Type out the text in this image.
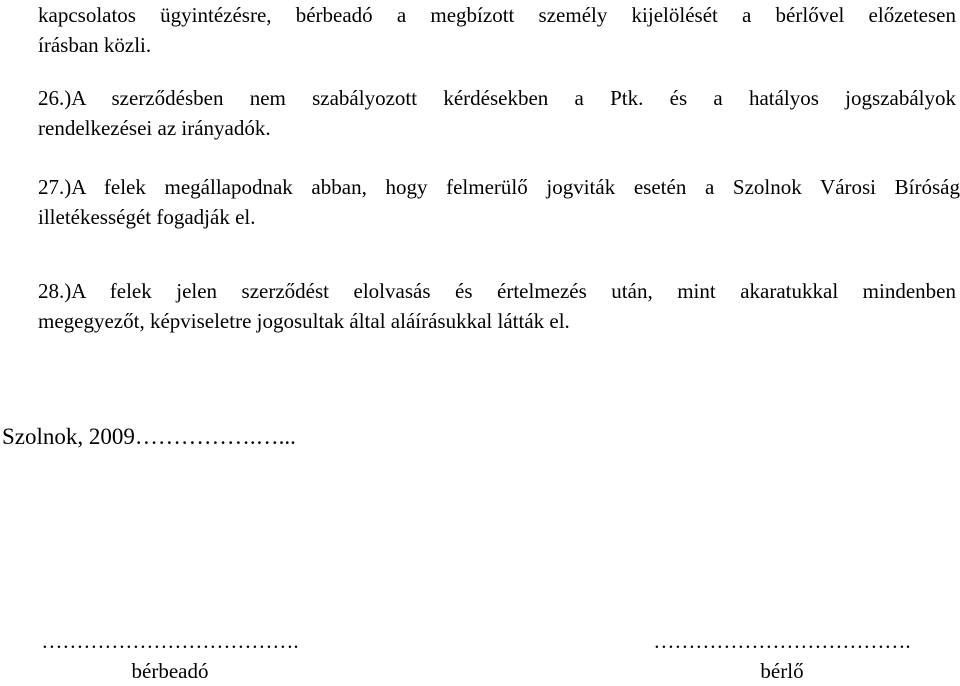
kapcsolatos ügyintézésre, bérbeadó a megbízott személy kijelölését a bérlővel előzetesen
írásban közli.
26.)A szerződésben nem szabályozott kérdésekben a Ptk. és a hatályos jogszabályok
rendelkezései az irányadók.
27.)A felek megállapodnak abban, hogy felmerülő jogviták esetén a Szolnok Városi Bíróság
illetékességét fogadják el.
28.)A felek jelen szerződést elolvasás és értelmezés után, mint akaratukkal mindenben
megegyezőt, képviseletre jogosultak által aláírásukkal látták el.
Szolnok, 2009…………….…...
……………………………….
bérbeadó
……………………………….
bérlő
